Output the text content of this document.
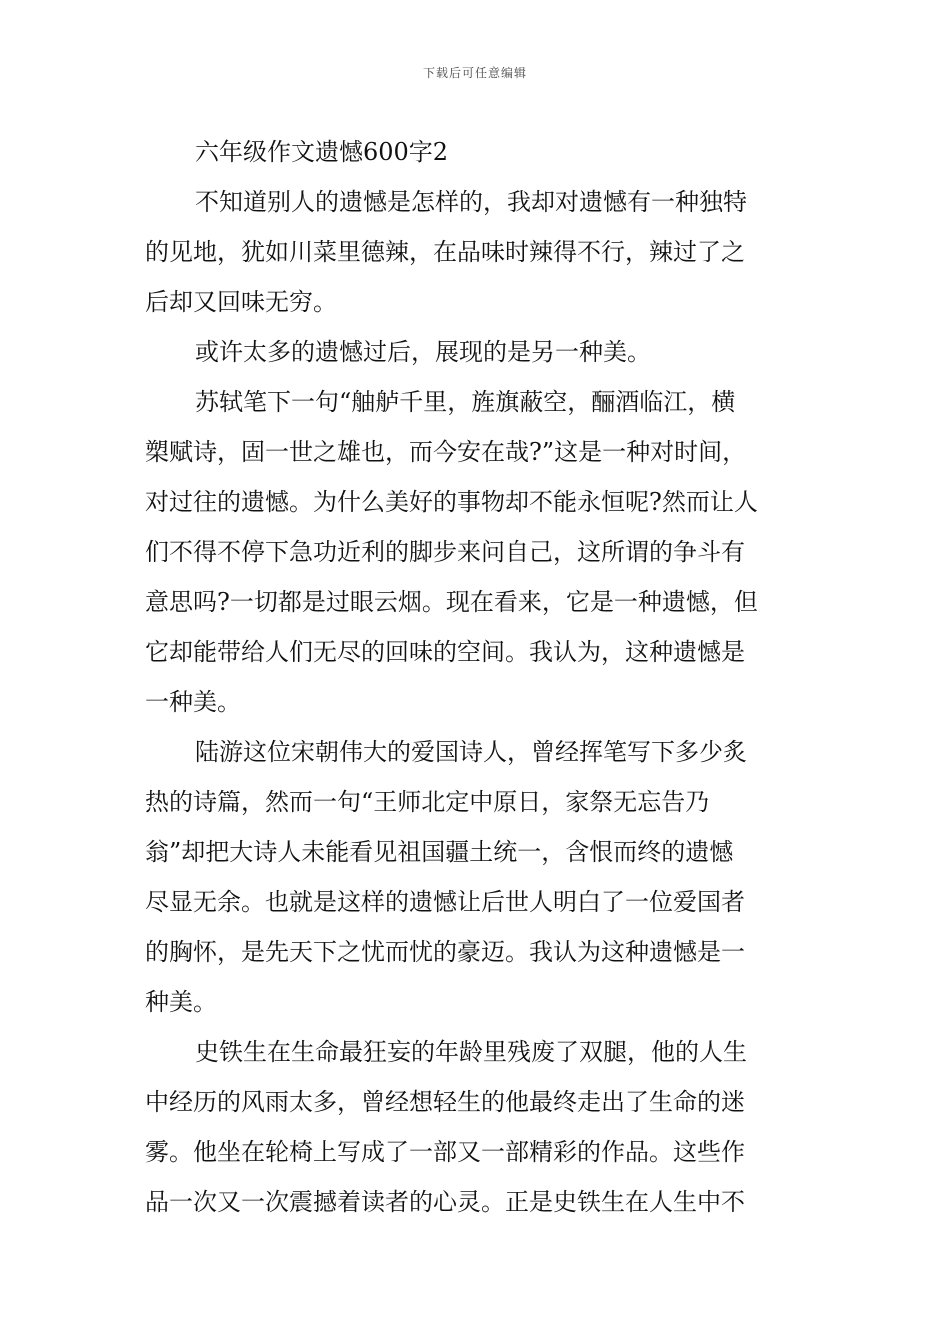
下载后可任意编辑
六年级作文遗憾600字2
不知道别人的遗憾是怎样的，我却对遗憾有一种独特
的见地，犹如川菜里德辣，在品味时辣得不行，辣过了之
后却又回味无穷。
或许太多的遗憾过后，展现的是另一种美。
苏轼笔下一句“舳舻千里，旌旗蔽空，酾酒临江，横
槊赋诗，固一世之雄也，而今安在哉?”这是一种对时间，
对过往的遗憾。为什么美好的事物却不能永恒呢?然而让人
们不得不停下急功近利的脚步来问自己，这所谓的争斗有
意思吗?一切都是过眼云烟。现在看来，它是一种遗憾，但
它却能带给人们无尽的回味的空间。我认为，这种遗憾是
一种美。
陆游这位宋朝伟大的爱国诗人，曾经挥笔写下多少炙
热的诗篇，然而一句“王师北定中原日，家祭无忘告乃
翁”却把大诗人未能看见祖国疆土统一，含恨而终的遗憾
尽显无余。也就是这样的遗憾让后世人明白了一位爱国者
的胸怀，是先天下之忧而忧的豪迈。我认为这种遗憾是一
种美。
史铁生在生命最狂妄的年龄里残废了双腿，他的人生
中经历的风雨太多，曾经想轻生的他最终走出了生命的迷
雾。他坐在轮椅上写成了一部又一部精彩的作品。这些作
品一次又一次震撼着读者的心灵。正是史铁生在人生中不
